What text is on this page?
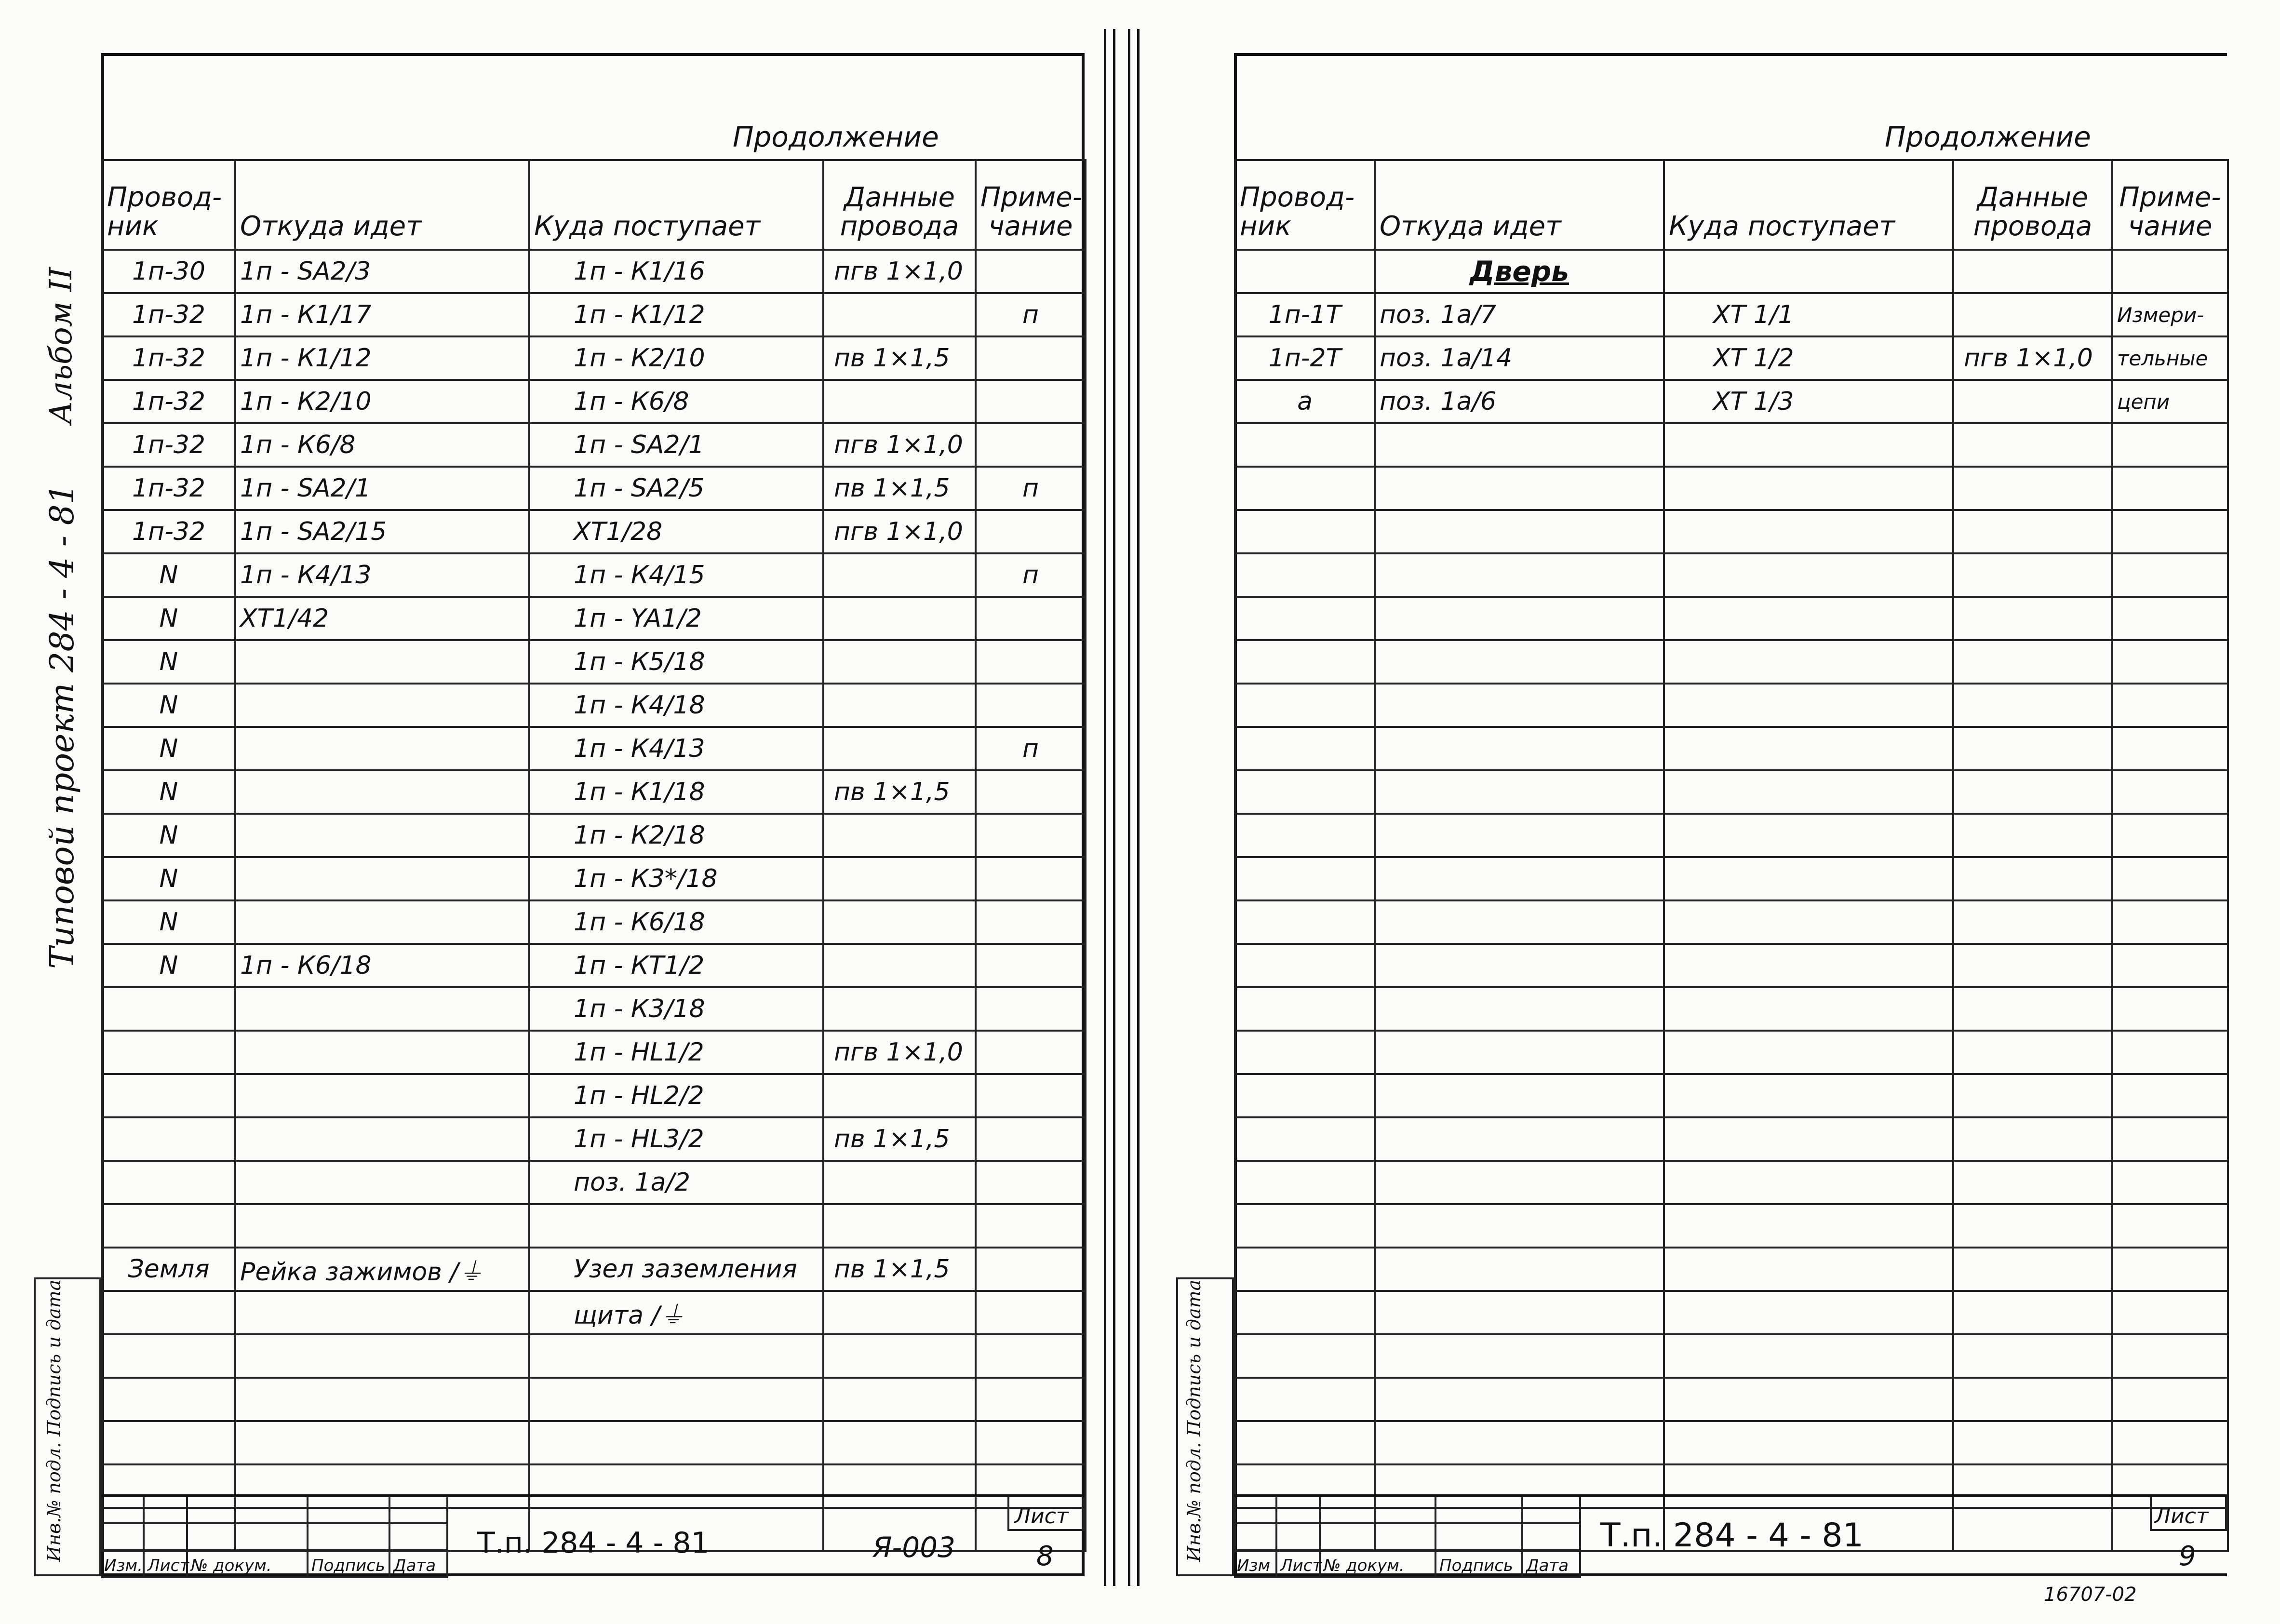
Альбом II
Типовой проект 284 - 4 - 81
Продолжение
Провод-
ник	Откуда идет	Куда поступает	Данные
провода	Приме-
чание
1п-30	1п - SA2/3	1п - К1/16	пгв 1×1,0	
1п-32	1п - К1/17	1п - К1/12		п
1п-32	1п - К1/12	1п - К2/10	пв 1×1,5	
1п-32	1п - К2/10	1п - К6/8		
1п-32	1п - К6/8	1п - SA2/1	пгв 1×1,0	
1п-32	1п - SA2/1	1п - SA2/5	пв 1×1,5	п
1п-32	1п - SA2/15	ХТ1/28	пгв 1×1,0	
N	1п - К4/13	1п - К4/15		п
N	ХТ1/42	1п - YA1/2		
N		1п - К5/18		
N		1п - К4/18		
N		1п - К4/13		п
N		1п - К1/18	пв 1×1,5	
N		1п - К2/18		
N		1п - К3*/18		
N		1п - К6/18		
N	1п - К6/18	1п - КТ1/2		
		1п - К3/18		
		1п - HL1/2	пгв 1×1,0	
		1п - HL2/2		
		1п - HL3/2	пв 1×1,5	
		поз. 1а/2		

Земля	Рейка зажимов /⏚	Узел заземления	пв 1×1,5	
		щита /⏚		

Инв.№ подл. Подпись и дата
Изм. Лист № докум. Подпись Дата
Т.п. 284 - 4 - 81	Я-003
Лист
8
Продолжение
Провод-
ник	Откуда идет	Куда поступает	Данные
провода	Приме-
чание
	Дверь			
1п-1Т	поз. 1а/7	ХТ 1/1		Измери-
1п-2Т	поз. 1а/14	ХТ 1/2	пгв 1×1,0	тельные
а	поз. 1а/6	ХТ 1/3		цепи

Инв.№ подл. Подпись и дата
Изм Лист № докум. Подпись Дата
Т.п. 284 - 4 - 81
Лист
9
16707-02
